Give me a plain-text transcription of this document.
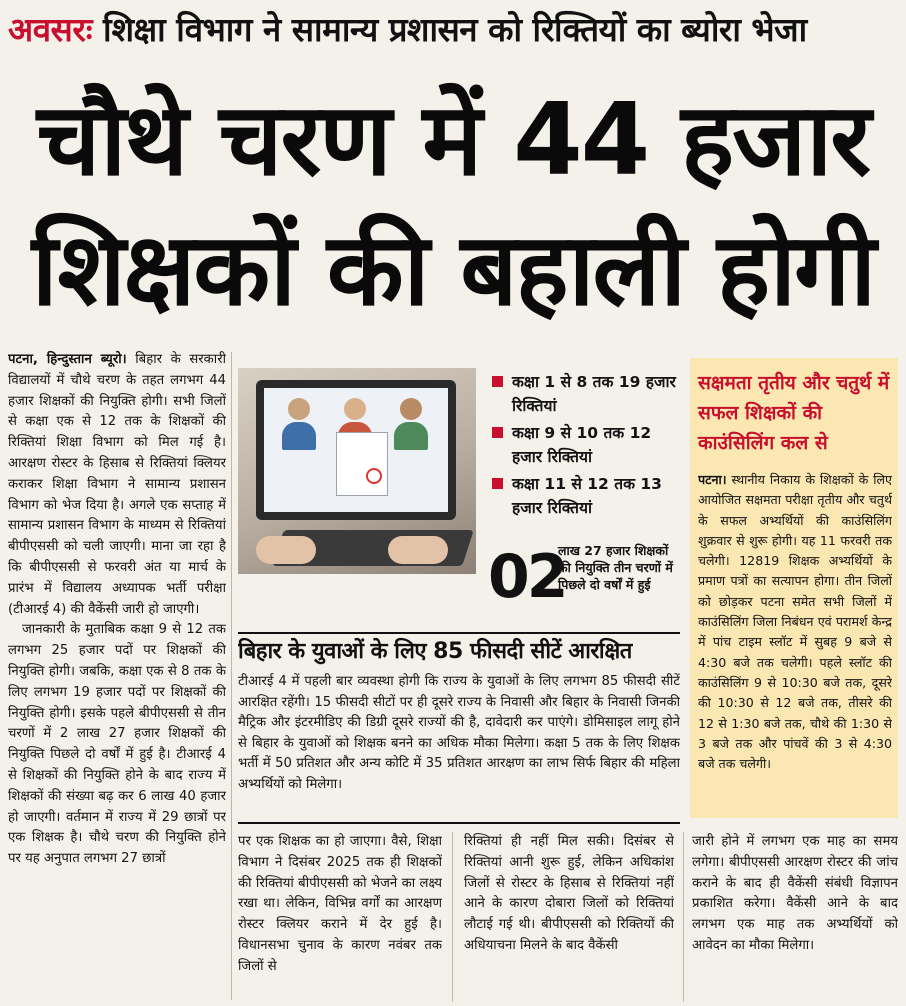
अवसरः शिक्षा विभाग ने सामान्य प्रशासन को रिक्तियों का ब्योरा भेजा
चौथे चरण में 44 हजार
शिक्षकों की बहाली होगी

पटना, हिन्दुस्तान ब्यूरो। बिहार के सरकारी विद्यालयों में चौथे चरण के तहत लगभग 44 हजार शिक्षकों की नियुक्ति होगी। सभी जिलों से कक्षा एक से 12 तक के शिक्षकों की रिक्तियां शिक्षा विभाग को मिल गई है। आरक्षण रोस्टर के हिसाब से रिक्तियां क्लियर कराकर शिक्षा विभाग ने सामान्य प्रशासन विभाग को भेज दिया है। अगले एक सप्ताह में सामान्य प्रशासन विभाग के माध्यम से रिक्तियां बीपीएससी को चली जाएगी। माना जा रहा है कि बीपीएससी से फरवरी अंत या मार्च के प्रारंभ में विद्यालय अध्यापक भर्ती परीक्षा (टीआरई 4) की वैकेंसी जारी हो जाएगी।

जानकारी के मुताबिक कक्षा 9 से 12 तक लगभग 25 हजार पदों पर शिक्षकों की नियुक्ति होगी। जबकि, कक्षा एक से 8 तक के लिए लगभग 19 हजार पदों पर शिक्षकों की नियुक्ति होगी। इसके पहले बीपीएससी से तीन चरणों में 2 लाख 27 हजार शिक्षकों की नियुक्ति पिछले दो वर्षों में हुई है। टीआरई 4 से शिक्षकों की नियुक्ति होने के बाद राज्य में शिक्षकों की संख्या बढ़ कर 6 लाख 40 हजार हो जाएगी। वर्तमान में राज्य में 29 छात्रों पर एक शिक्षक है। चौथे चरण की नियुक्ति होने पर यह अनुपात लगभग 27 छात्रों

कक्षा 1 से 8 तक 19 हजार रिक्तियां
कक्षा 9 से 10 तक 12 हजार रिक्तियां
कक्षा 11 से 12 तक 13 हजार रिक्तियां
02
लाख 27 हजार शिक्षकों की नियुक्ति तीन चरणों में पिछले दो वर्षों में हुई
बिहार के युवाओं के लिए 85 फीसदी सीटें आरक्षित
टीआरई 4 में पहली बार व्यवस्था होगी कि राज्य के युवाओं के लिए लगभग 85 फीसदी सीटें आरक्षित रहेंगी। 15 फीसदी सीटों पर ही दूसरे राज्य के निवासी और बिहार के निवासी जिनकी मैट्रिक और इंटरमीडिए की डिग्री दूसरे राज्यों की है, दावेदारी कर पाएंगे। डोमिसाइल लागू होने से बिहार के युवाओं को शिक्षक बनने का अधिक मौका मिलेगा। कक्षा 5 तक के लिए शिक्षक भर्ती में 50 प्रतिशत और अन्य कोटि में 35 प्रतिशत आरक्षण का लाभ सिर्फ बिहार की महिला अभ्यर्थियों को मिलेगा।
सक्षमता तृतीय और चतुर्थ में सफल शिक्षकों की काउंसिलिंग कल से
पटना। स्थानीय निकाय के शिक्षकों के लिए आयोजित सक्षमता परीक्षा तृतीय और चतुर्थ के सफल अभ्यर्थियों की काउंसिलिंग शुक्रवार से शुरू होगी। यह 11 फरवरी तक चलेगी। 12819 शिक्षक अभ्यर्थियों के प्रमाण पत्रों का सत्यापन होगा। तीन जिलों को छोड़कर पटना समेत सभी जिलों में काउंसिलिंग जिला निबंधन एवं परामर्श केन्द्र में पांच टाइम स्लॉट में सुबह 9 बजे से 4:30 बजे तक चलेगी। पहले स्लॉट की काउंसिलिंग 9 से 10:30 बजे तक, दूसरे की 10:30 से 12 बजे तक, तीसरे की 12 से 1:30 बजे तक, चौथे की 1:30 से 3 बजे तक और पांचवें की 3 से 4:30 बजे तक चलेगी।
पर एक शिक्षक का हो जाएगा। वैसे, शिक्षा विभाग ने दिसंबर 2025 तक ही शिक्षकों की रिक्तियां बीपीएससी को भेजने का लक्ष्य रखा था। लेकिन, विभिन्न वर्गों का आरक्षण रोस्टर क्लियर कराने में देर हुई है। विधानसभा चुनाव के कारण नवंबर तक जिलों से
रिक्तियां ही नहीं मिल सकी। दिसंबर से रिक्तियां आनी शुरू हुई, लेकिन अधिकांश जिलों से रोस्टर के हिसाब से रिक्तियां नहीं आने के कारण दोबारा जिलों को रिक्तियां लौटाई गई थी। बीपीएससी को रिक्तियों की अधियाचना मिलने के बाद वैकेंसी
जारी होने में लगभग एक माह का समय लगेगा। बीपीएससी आरक्षण रोस्टर की जांच कराने के बाद ही वैकेंसी संबंधी विज्ञापन प्रकाशित करेगा। वैकेंसी आने के बाद लगभग एक माह तक अभ्यर्थियों को आवेदन का मौका मिलेगा।
